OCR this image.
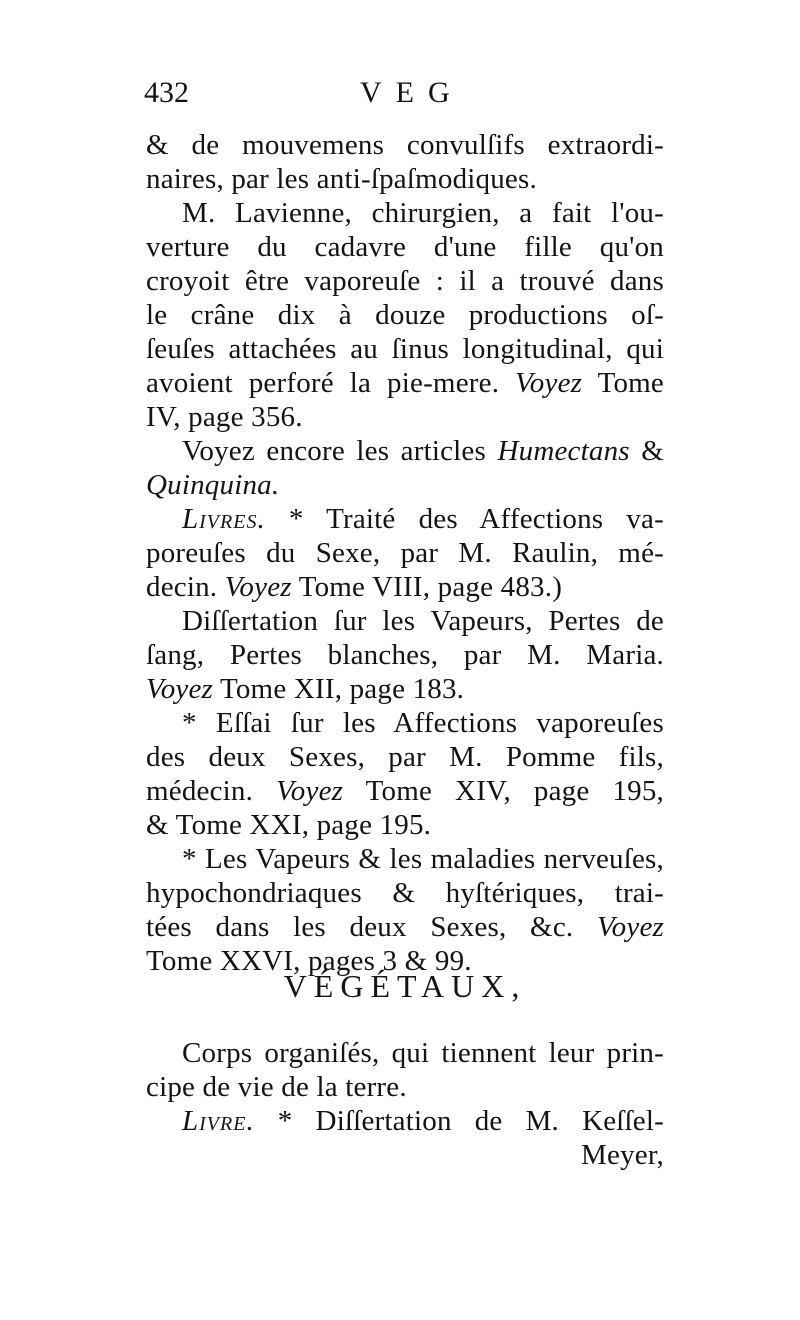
432	VEG
& de mouvemens convulſifs extraordi-
naires, par les anti-ſpaſmodiques.
M. Lavienne, chirurgien, a fait l'ou-
verture du cadavre d'une fille qu'on
croyoit être vaporeuſe : il a trouvé dans
le crâne dix à douze productions oſ-
ſeuſes attachées au ſinus longitudinal, qui
avoient perforé la pie-mere. Voyez Tome
IV, page 356.
Voyez encore les articles Humectans &
Quinquina.
Livres. * Traité des Affections va-
poreuſes du Sexe, par M. Raulin, mé-
decin. Voyez Tome VIII, page 483.)
Diſſertation ſur les Vapeurs, Pertes de
ſang, Pertes blanches, par M. Maria.
Voyez Tome XII, page 183.
* Eſſai ſur les Affections vaporeuſes
des deux Sexes, par M. Pomme fils,
médecin. Voyez Tome XIV, page 195,
& Tome XXI, page 195.
* Les Vapeurs & les maladies nerveuſes,
hypochondriaques & hyſtériques, trai-
tées dans les deux Sexes, &c. Voyez
Tome XXVI, pages 3 & 99.
VÉGÉTAUX,
Corps organiſés, qui tiennent leur prin-
cipe de vie de la terre.
Livre. * Diſſertation de M. Keſſel-
Meyer,
